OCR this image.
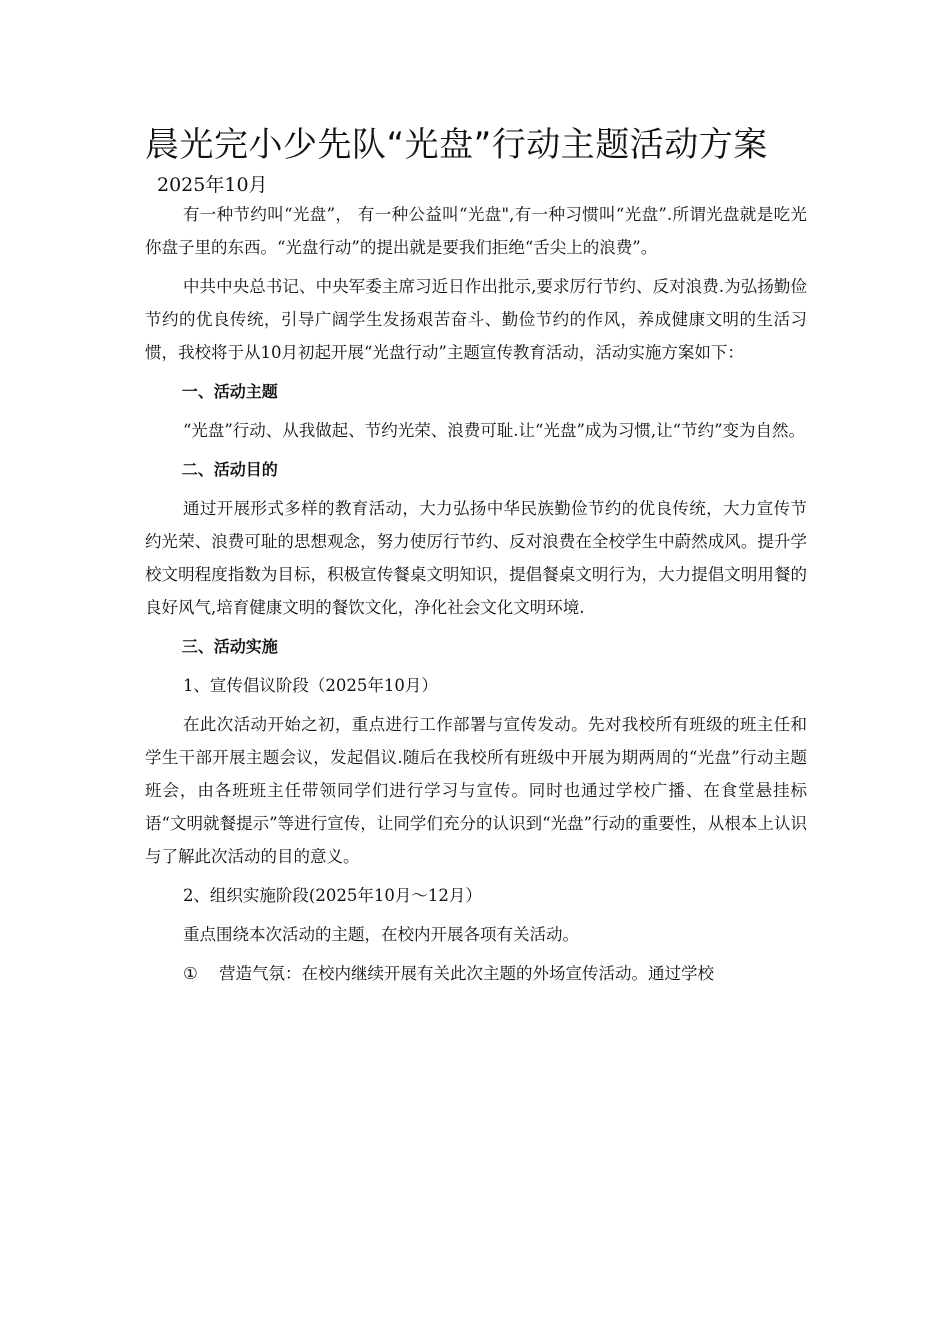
晨光完小少先队“光盘”行动主题活动方案
2025年10月

有一种节约叫“光盘”， 有一种公益叫“光盘",有一种习惯叫“光盘”.所谓光盘就是吃光你盘子里的东西。“光盘行动”的提出就是要我们拒绝“舌尖上的浪费”。

中共中央总书记、中央军委主席习近日作出批示,要求厉行节约、反对浪费.为弘扬勤俭节约的优良传统，引导广阔学生发扬艰苦奋斗、勤俭节约的作风，养成健康文明的生活习惯，我校将于从10月初起开展“光盘行动”主题宣传教育活动，活动实施方案如下：

一、活动主题

“光盘”行动、从我做起、节约光荣、浪费可耻.让“光盘”成为习惯,让“节约”变为自然。

二、活动目的

通过开展形式多样的教育活动，大力弘扬中华民族勤俭节约的优良传统，大力宣传节约光荣、浪费可耻的思想观念，努力使厉行节约、反对浪费在全校学生中蔚然成风。提升学校文明程度指数为目标，积极宣传餐桌文明知识，提倡餐桌文明行为，大力提倡文明用餐的良好风气,培育健康文明的餐饮文化，净化社会文化文明环境.

三、活动实施
1、宣传倡议阶段（2025年10月）

在此次活动开始之初，重点进行工作部署与宣传发动。先对我校所有班级的班主任和学生干部开展主题会议，发起倡议.随后在我校所有班级中开展为期两周的“光盘”行动主题班会，由各班班主任带领同学们进行学习与宣传。同时也通过学校广播、在食堂悬挂标语“文明就餐提示”等进行宣传，让同学们充分的认识到“光盘”行动的重要性，从根本上认识与了解此次活动的目的意义。

2、组织实施阶段(2025年10月～12月）

重点围绕本次活动的主题，在校内开展各项有关活动。

① 营造气氛：在校内继续开展有关此次主题的外场宣传活动。通过学校
